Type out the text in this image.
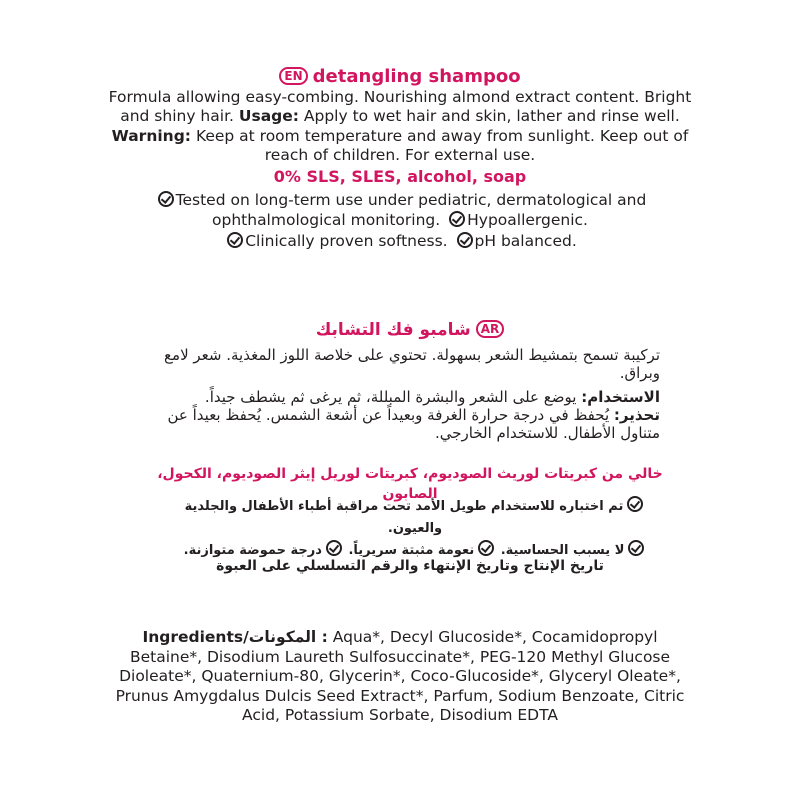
EN detangling shampoo
Formula allowing easy-combing. Nourishing almond extract content. Bright and shiny hair. Usage: Apply to wet hair and skin, lather and rinse well. Warning: Keep at room temperature and away from sunlight. Keep out of reach of children. For external use.
0% SLS, SLES, alcohol, soap
Tested on long-term use under pediatric, dermatological and ophthalmological monitoring. Hypoallergenic.
Clinically proven softness. pH balanced.
ARشامبو فك التشابك
تركيبة تسمح بتمشيط الشعر بسهولة. تحتوي على خلاصة اللوز المغذية. شعر لامع وبراق.
الاستخدام: يوضع على الشعر والبشرة المبللة، ثم يرغى ثم يشطف جيداً.
تحذير: يُحفظ في درجة حرارة الغرفة وبعيداً عن أشعة الشمس. يُحفظ بعيداً عن متناول الأطفال. للاستخدام الخارجي.
خالي من كبريتات لوريث الصوديوم، كبريتات لوريل إيثر الصوديوم، الكحول، الصابون
تم اختباره للاستخدام طويل الأمد تحت مراقبة أطباء الأطفال والجلدية والعيون.
لا يسبب الحساسية. نعومة مثبتة سريرياً. درجة حموضة متوازنة.
تاريخ الإنتاج وتاريخ الإنتهاء والرقم التسلسلي على العبوة
Ingredients/المكونات : Aqua*, Decyl Glucoside*, Cocamidopropyl Betaine*, Disodium Laureth Sulfosuccinate*, PEG-120 Methyl Glucose Dioleate*, Quaternium-80, Glycerin*, Coco-Glucoside*, Glyceryl Oleate*, Prunus Amygdalus Dulcis Seed Extract*, Parfum, Sodium Benzoate, Citric Acid, Potassium Sorbate, Disodium EDTA
